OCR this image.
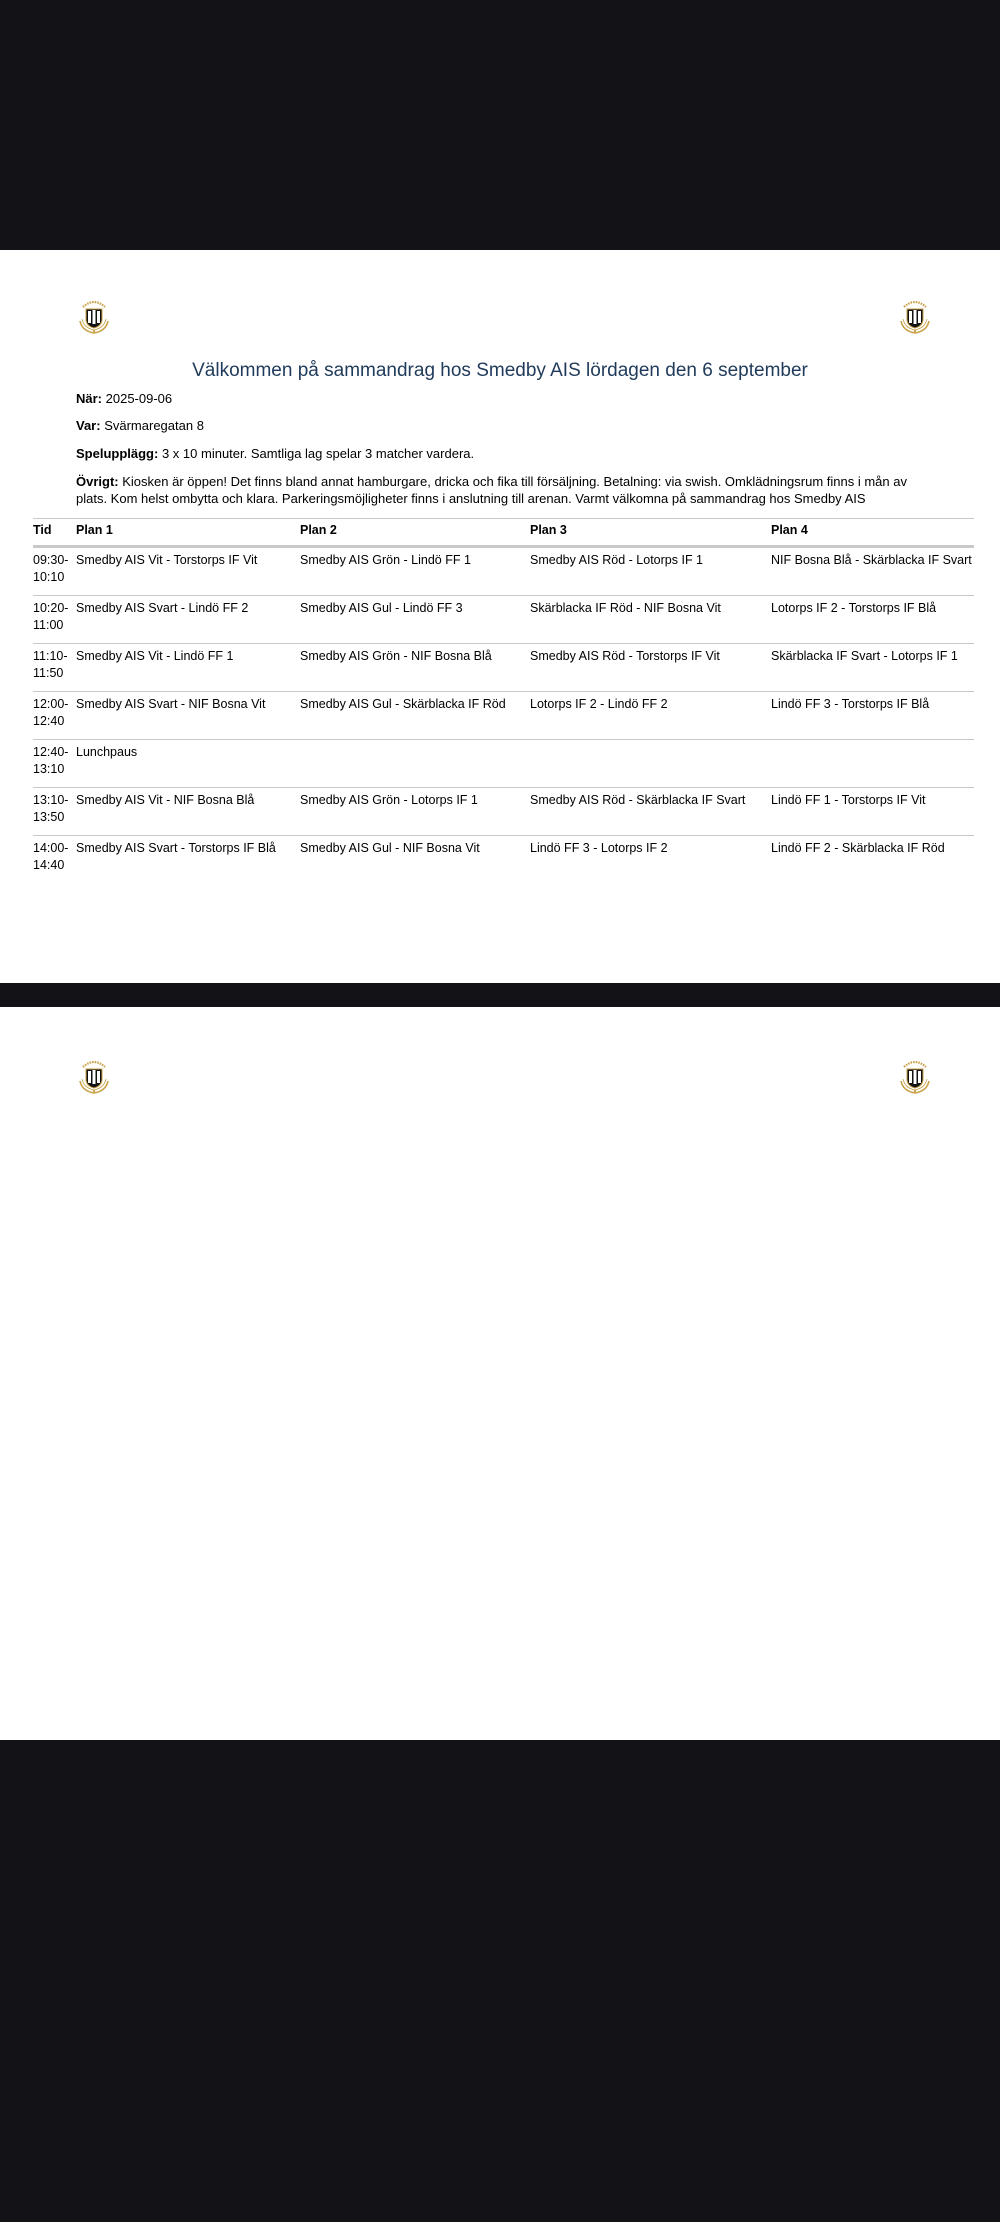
Välkommen på sammandrag hos Smedby AIS lördagen den 6 september
När: 2025-09-06
Var: Svärmaregatan 8
Spelupplägg: 3 x 10 minuter. Samtliga lag spelar 3 matcher vardera.
Övrigt: Kiosken är öppen! Det finns bland annat hamburgare, dricka och fika till försäljning. Betalning: via swish. Omklädningsrum finns i mån av plats. Kom helst ombytta och klara. Parkeringsmöjligheter finns i anslutning till arenan. Varmt välkomna på sammandrag hos Smedby AIS
Tid	Plan 1	Plan 2	Plan 3	Plan 4
09:30-
10:10
Smedby AIS Vit - Torstorps IF Vit	Smedby AIS Grön - Lindö FF 1	Smedby AIS Röd - Lotorps IF 1	NIF Bosna Blå - Skärblacka IF Svart
10:20-
11:00
Smedby AIS Svart - Lindö FF 2	Smedby AIS Gul - Lindö FF 3	Skärblacka IF Röd - NIF Bosna Vit	Lotorps IF 2 - Torstorps IF Blå
11:10-
11:50
Smedby AIS Vit - Lindö FF 1	Smedby AIS Grön - NIF Bosna Blå	Smedby AIS Röd - Torstorps IF Vit	Skärblacka IF Svart - Lotorps IF 1
12:00-
12:40
Smedby AIS Svart - NIF Bosna Vit	Smedby AIS Gul - Skärblacka IF Röd	Lotorps IF 2 - Lindö FF 2	Lindö FF 3 - Torstorps IF Blå
12:40-
13:10
Lunchpaus
13:10-
13:50
Smedby AIS Vit - NIF Bosna Blå	Smedby AIS Grön - Lotorps IF 1	Smedby AIS Röd - Skärblacka IF Svart	Lindö FF 1 - Torstorps IF Vit
14:00-
14:40
Smedby AIS Svart - Torstorps IF Blå	Smedby AIS Gul - NIF Bosna Vit	Lindö FF 3 - Lotorps IF 2	Lindö FF 2 - Skärblacka IF Röd
